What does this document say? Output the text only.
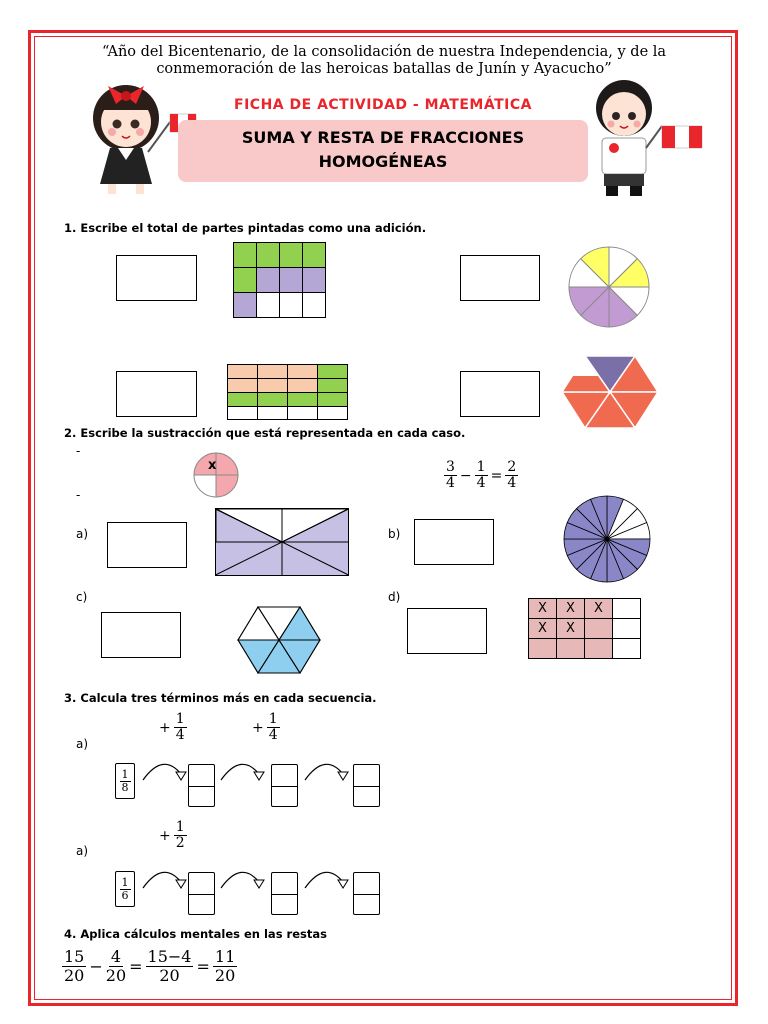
“Año del Bicentenario, de la consolidación de nuestra Independencia, y de la conmemoración de las heroicas batallas de Junín y Ayacucho”
FICHA DE ACTIVIDAD - MATEMÁTICA
SUMA Y RESTA DE FRACCIONES
HOMOGÉNEAS
1. Escribe el total de partes pintadas como una adición.

2. Escribe la sustracción que está representada en cada caso.
-
-
x	$\frac{3}{4} - \frac{1}{4} = \frac{2}{4}$
a)	b)
c)	d)
X	X	X	
X	X		

3. Calcula tres términos más en cada secuencia.
+ $\frac{1}{4}$	+ $\frac{1}{4}$
a)
$\frac{1}{8}$
+ $\frac{1}{2}$
a)
$\frac{1}{6}$
4. Aplica cálculos mentales en las restas
$\frac{15}{20} - \frac{4}{20} = \frac{15-4}{20} = \frac{11}{20}$
